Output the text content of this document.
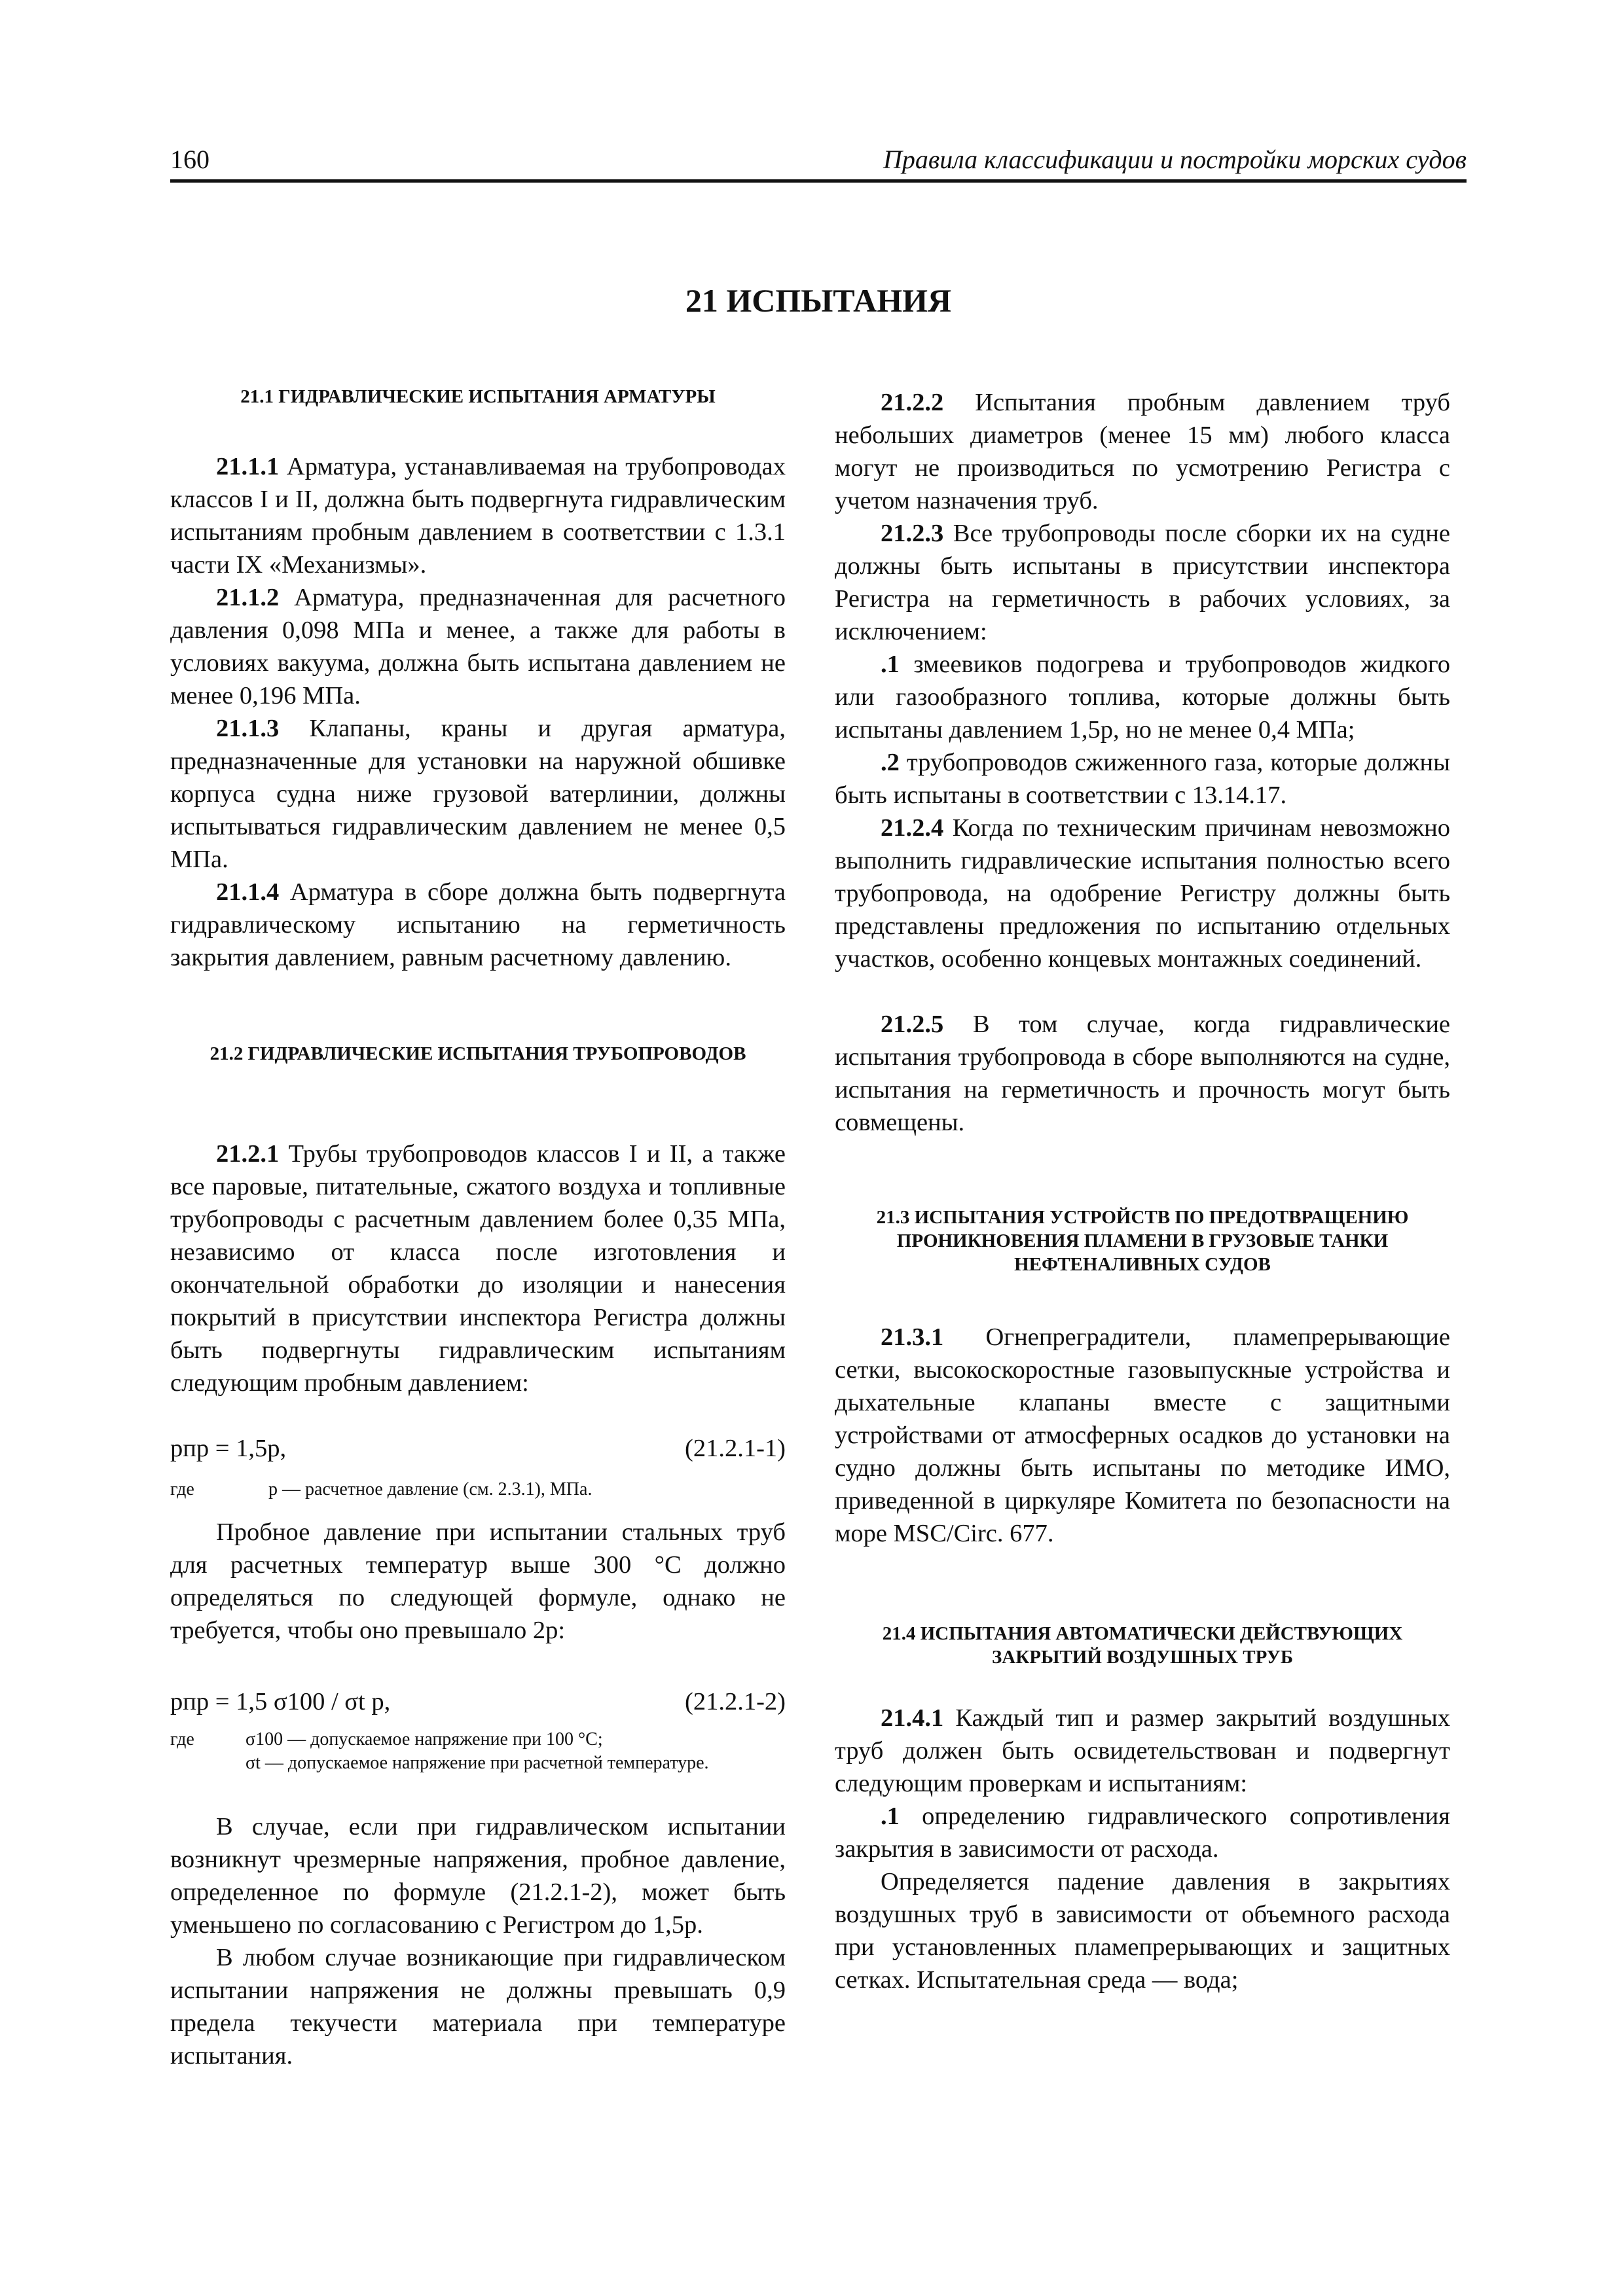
160	Правила классификации и постройки морских судов
21 ИСПЫТАНИЯ
21.1 ГИДРАВЛИЧЕСКИЕ ИСПЫТАНИЯ АРМАТУРЫ

21.1.1 Арматура, устанавливаемая на трубопроводах классов I и II, должна быть подвергнута гидравлическим испытаниям пробным давлением в соответствии с 1.3.1 части IX «Механизмы».

21.1.2 Арматура, предназначенная для расчетного давления 0,098 МПа и менее, а также для работы в условиях вакуума, должна быть испытана давлением не менее 0,196 МПа.

21.1.3 Клапаны, краны и другая арматура, предназначенные для установки на наружной обшивке корпуса судна ниже грузовой ватерлинии, должны испытываться гидравлическим давлением не менее 0,5 МПа.

21.1.4 Арматура в сборе должна быть подвергнута гидравлическому испытанию на герметичность закрытия давлением, равным расчетному давлению.

21.2 ГИДРАВЛИЧЕСКИЕ ИСПЫТАНИЯ ТРУБОПРОВОДОВ

21.2.1 Трубы трубопроводов классов I и II, а также все паровые, питательные, сжатого воздуха и топливные трубопроводы с расчетным давлением более 0,35 МПа, независимо от класса после изготовления и окончательной обработки до изоляции и нанесения покрытий в присутствии инспектора Регистра должны быть подвергнуты гидравлическим испытаниям следующим пробным давлением:

pпр = 1,5p,	(21.2.1-1)
где	p — расчетное давление (см. 2.3.1), МПа.

Пробное давление при испытании стальных труб для расчетных температур выше 300 °C должно определяться по следующей формуле, однако не требуется, чтобы оно превышало 2p:

pпр = 1,5 σ100 / σt p,	(21.2.1-2)
где	σ100 — допускаемое напряжение при 100 °C;
σt — допускаемое напряжение при расчетной температуре.

В случае, если при гидравлическом испытании возникнут чрезмерные напряжения, пробное давление, определенное по формуле (21.2.1-2), может быть уменьшено по согласованию с Регистром до 1,5p.

В любом случае возникающие при гидравлическом испытании напряжения не должны превышать 0,9 предела текучести материала при температуре испытания.

21.2.2 Испытания пробным давлением труб небольших диаметров (менее 15 мм) любого класса могут не производиться по усмотрению Регистра с учетом назначения труб.

21.2.3 Все трубопроводы после сборки их на судне должны быть испытаны в присутствии инспектора Регистра на герметичность в рабочих условиях, за исключением:

.1 змеевиков подогрева и трубопроводов жидкого или газообразного топлива, которые должны быть испытаны давлением 1,5p, но не менее 0,4 МПа;

.2 трубопроводов сжиженного газа, которые должны быть испытаны в соответствии с 13.14.17.

21.2.4 Когда по техническим причинам невозможно выполнить гидравлические испытания полностью всего трубопровода, на одобрение Регистру должны быть представлены предложения по испытанию отдельных участков, особенно концевых монтажных соединений.

21.2.5 В том случае, когда гидравлические испытания трубопровода в сборе выполняются на судне, испытания на герметичность и прочность могут быть совмещены.

21.3 ИСПЫТАНИЯ УСТРОЙСТВ ПО ПРЕДОТВРАЩЕНИЮ ПРОНИКНОВЕНИЯ ПЛАМЕНИ В ГРУЗОВЫЕ ТАНКИ НЕФТЕНАЛИВНЫХ СУДОВ

21.3.1 Огнепреградители, пламепрерывающие сетки, высокоскоростные газовыпускные устройства и дыхательные клапаны вместе с защитными устройствами от атмосферных осадков до установки на судно должны быть испытаны по методике ИМО, приведенной в циркуляре Комитета по безопасности на море MSC/Circ. 677.

21.4 ИСПЫТАНИЯ АВТОМАТИЧЕСКИ ДЕЙСТВУЮЩИХ ЗАКРЫТИЙ ВОЗДУШНЫХ ТРУБ

21.4.1 Каждый тип и размер закрытий воздушных труб должен быть освидетельствован и подвергнут следующим проверкам и испытаниям:

.1 определению гидравлического сопротивления закрытия в зависимости от расхода.

Определяется падение давления в закрытиях воздушных труб в зависимости от объемного расхода при установленных пламепрерывающих и защитных сетках. Испытательная среда — вода;
